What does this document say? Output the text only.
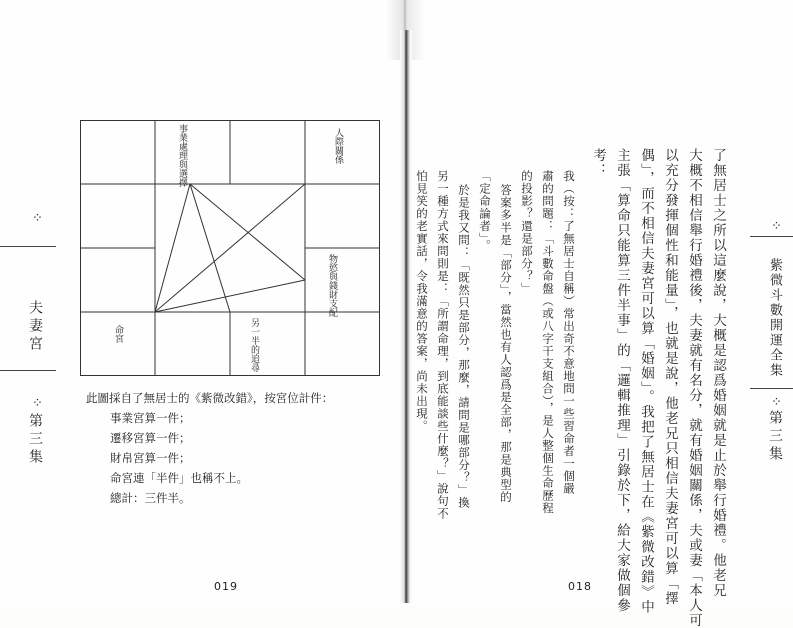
⁘
夫妻宮
⁘
第三集
事業處理與選擇	人際關係
物慾與錢財支配
命宮	另一半的追尋
此圖採自了無居士的《紫微改錯》，按宮位計件：
事業宮算一件；
遷移宮算一件；
財帛宮算一件；
命宮連「半件」也稱不上。
總計：三件半。
019	了無居士之所以這麼說，大概是認爲婚姻就是止於舉行婚禮。他老兄
大概不相信舉行婚禮後，夫妻就有名分，就有婚姻關係，夫或妻「本人可
以充分發揮個性和能量」，也就是說，他老兄只相信夫妻宮可以算「擇
偶」，而不相信夫妻宮可以算「婚姻」。我把了無居士在《紫微改錯》中
主張「算命只能算三件半事」的「邏輯推理」引錄於下，給大家做個參
考：
我（按：了無居士自稱）常出奇不意地問一些習命者一個嚴
肅的問題：「斗數命盤（或八字干支組合），是人整個生命歷程
的投影？還是部分？」
答案多半是「部分」，當然也有人認爲是全部，那是典型的
「定命論者」。
於是我又問：「既然只是部分，那麼，請問是哪部分？」換
另一種方式來問則是：「所謂命理，到底能談些什麼？」說句不
怕見笑的老實話，令我滿意的答案，尚未出現。	⁘
紫微斗數開運全集
⁘
第三集
018
